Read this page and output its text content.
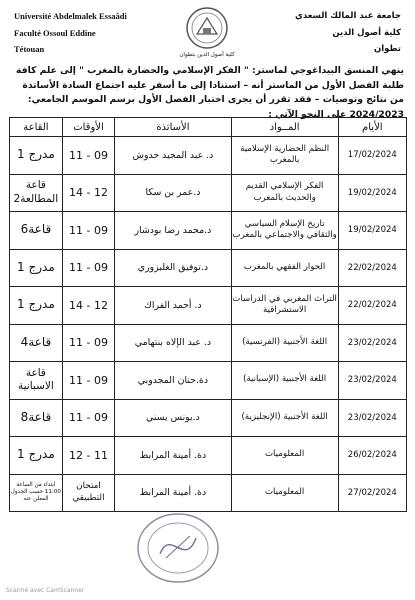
Université Abdelmalek Essaâdi
Faculté Ossoul Eddine
Tétouan
كلية أصول الدين بتطوان
جامعة عبد المالك السعدي
كلية أصول الدين
تطوان
ينهي المنسق البيداغوجي لماستر: " الفكر الإسلامي والحضارة بالمغرب " إلى علم كافة طلبة الفصل الأول من الماستر أنه – استنادا إلى ما أسفر عليه اجتماع السادة الأساتذة من نتائج وتوصيات – فقد تقرر أن يجرى اختبار الفصل الأول برسم الموسم الجامعي: 2024/2023 على النحو الآتي :
الأيام	المــواد	الأساتذة	الأوقات	القاعة
17/02/2024	النظم الحضارية الإسلامية بالمغرب	د. عبد المجيد حدوش	09 - 11	مدرج 1
19/02/2024	الفكر الإسلامي القديم والحديث بالمغرب	د.عمر بن سكا	12 - 14	قاعة المطالعة2
19/02/2024	تاريخ الإسلام السياسي والثقافي والاجتماعي بالمغرب	د.محمد رضا بودشار	09 - 11	قاعة6
22/02/2024	الحوار الفقهي بالمغرب	د.توفيق الغلبزوري	09 - 11	مدرج 1
22/02/2024	التراث المغربي في الدراسات الاستشراقية	د. أحمد الفراك	12 - 14	مدرج 1
23/02/2024	اللغة الأجنبية (الفرنسية)	د. عبد الإلاه بنتهامي	09 - 11	قاعة4
23/02/2024	اللغة الأجنبية (الإسبانية)	دة.حنان المجدوبي	09 - 11	قاعة الاسبانية
23/02/2024	اللغة الأجنبية (الإنجليزية)	د.يونس يسني	09 - 11	قاعة8
26/02/2024	المعلوميات	دة. أمينة المرابط	11 - 12	مدرج 1
27/02/2024	المعلوميات	دة. أمينة المرابط	امتحان التطبيقي	ابتداء من الساعة 11:00 حسب الجدول المعلن عنه
Scanné avec CamScanner
